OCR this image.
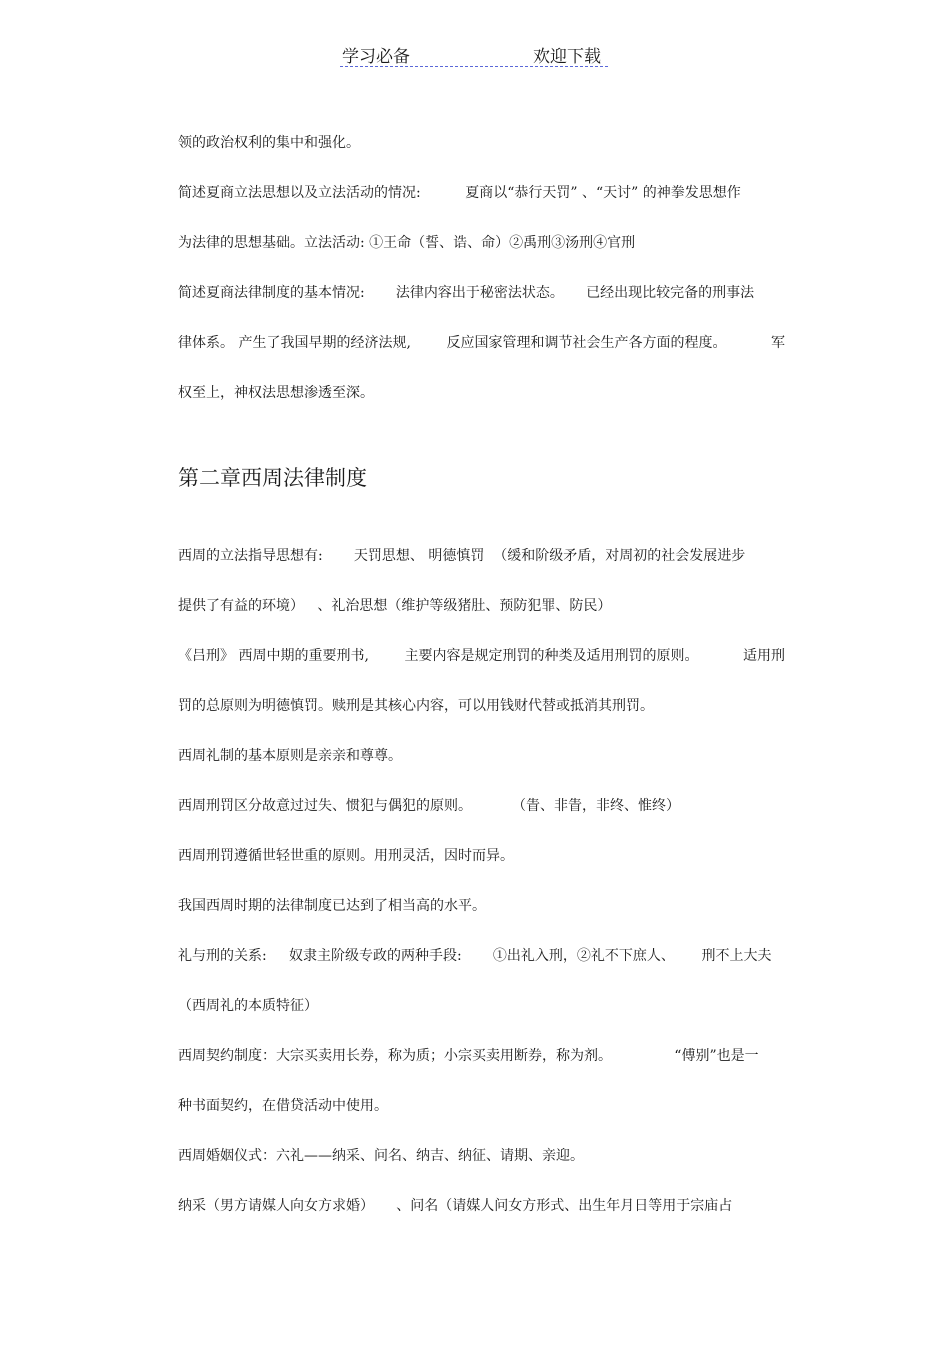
学习必备	欢迎下载
领的政治权利的集中和强化。
简述夏商立法思想以及立法活动的情况:          夏商以“恭行天罚” 、“天讨” 的神拳发思想作
为法律的思想基础。立法活动: ①王命（誓、诰、命）②禹刑③汤刑④官刑
简述夏商法律制度的基本情况:       法律内容出于秘密法状态。     已经出现比较完备的刑事法
律体系。 产生了我国早期的经济法规,        反应国家管理和调节社会生产各方面的程度。          军
权至上，神权法思想渗透至深。
第二章西周法律制度
西周的立法指导思想有:       天罚思想、 明德慎罚  （缓和阶级矛盾，对周初的社会发展进步
提供了有益的环境）   、礼治思想（维护等级猪肚、预防犯罪、防民）
《吕刑》 西周中期的重要刑书,        主要内容是规定刑罚的种类及适用刑罚的原则。          适用刑
罚的总原则为明德慎罚。赎刑是其核心内容，可以用钱财代替或抵消其刑罚。
西周礼制的基本原则是亲亲和尊尊。
西周刑罚区分故意过过失、惯犯与偶犯的原则。         （眚、非眚，非终、惟终）
西周刑罚遵循世轻世重的原则。用刑灵活，因时而异。
我国西周时期的法律制度已达到了相当高的水平。
礼与刑的关系:     奴隶主阶级专政的两种手段:       ①出礼入刑，②礼不下庶人、      刑不上大夫
（西周礼的本质特征）
西周契约制度：大宗买卖用长券，称为质；小宗买卖用断券，称为剂。              “傅别”也是一
种书面契约，在借贷活动中使用。
西周婚姻仪式：六礼——纳采、问名、纳吉、纳征、请期、亲迎。
纳采（男方请媒人向女方求婚）     、问名（请媒人问女方形式、出生年月日等用于宗庙占
